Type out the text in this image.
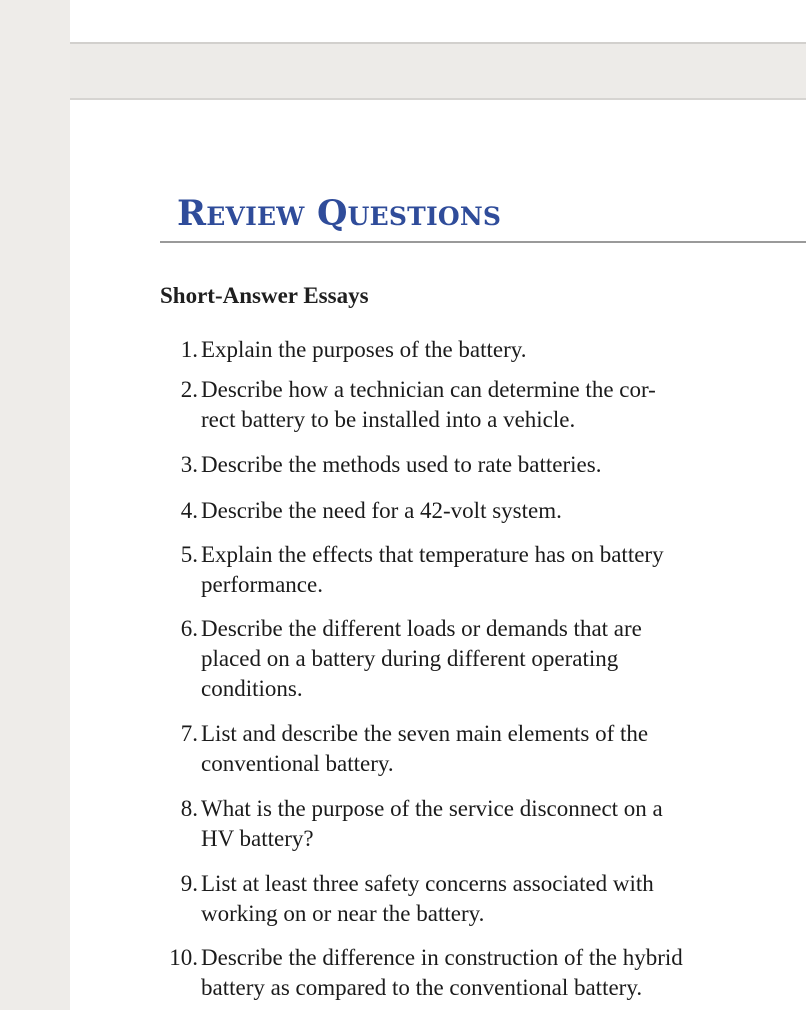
Review Questions
Short-Answer Essays
1. Explain the purposes of the battery.
2. Describe how a technician can determine the cor-
rect battery to be installed into a vehicle.
3. Describe the methods used to rate batteries.
4. Describe the need for a 42-volt system.
5. Explain the effects that temperature has on battery
performance.
6. Describe the different loads or demands that are
placed on a battery during different operating
conditions.
7. List and describe the seven main elements of the
conventional battery.
8. What is the purpose of the service disconnect on a
HV battery?
9. List at least three safety concerns associated with
working on or near the battery.
10. Describe the difference in construction of the hybrid
battery as compared to the conventional battery.
